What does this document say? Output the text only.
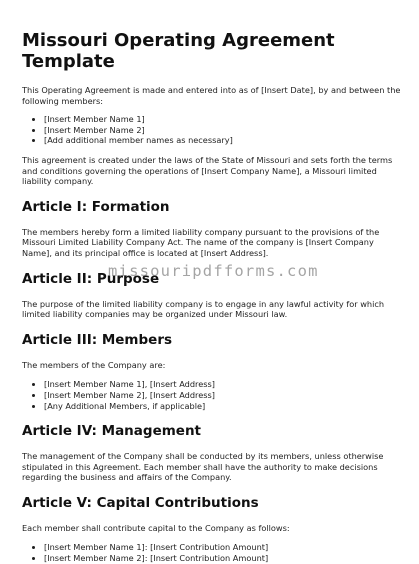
Missouri Operating Agreement Template

This Operating Agreement is made and entered into as of [Insert Date], by and between the following members:

• [Insert Member Name 1]
• [Insert Member Name 2]
• [Add additional member names as necessary]

This agreement is created under the laws of the State of Missouri and sets forth the terms and conditions governing the operations of [Insert Company Name], a Missouri limited liability company.

Article I: Formation

The members hereby form a limited liability company pursuant to the provisions of the Missouri Limited Liability Company Act. The name of the company is [Insert Company Name], and its principal office is located at [Insert Address].

Article II: Purpose

The purpose of the limited liability company is to engage in any lawful activity for which limited liability companies may be organized under Missouri law.

Article III: Members

The members of the Company are:

• [Insert Member Name 1], [Insert Address]
• [Insert Member Name 2], [Insert Address]
• [Any Additional Members, if applicable]
Article IV: Management

The management of the Company shall be conducted by its members, unless otherwise stipulated in this Agreement. Each member shall have the authority to make decisions regarding the business and affairs of the Company.

Article V: Capital Contributions

Each member shall contribute capital to the Company as follows:

• [Insert Member Name 1]: [Insert Contribution Amount]
• [Insert Member Name 2]: [Insert Contribution Amount]
missouripdfforms.com
